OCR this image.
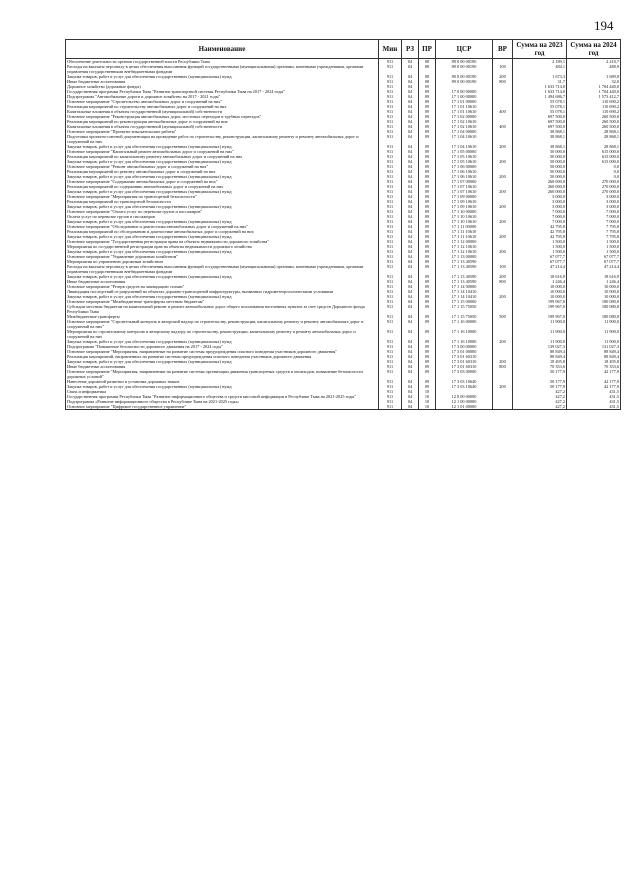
194
Наименование	Мин	РЗ	ПР	ЦСР	ВР	Сумма на 2023 год	Сумма на 2024 год
Обеспечение деятельности органов государственной власти Республики Тыва	911	04	08	89 0 00 00190		2 189,1	2 210,7
Расходы на выплаты персоналу в целях обеспечения выполнения функций государственными (муниципальными) органами, казенными учреждениями, органами управления государственными внебюджетными фондами	911	04	08	89 0 00 00190	100	484,1	488,9
Закупка товаров, работ и услуг для обеспечения государственных (муниципальных) нужд	911	04	08	89 0 00 00190	200	1 673,3	1 689,8
Иные бюджетные ассигнования	911	04	08	89 0 00 00190	800	31,7	32,0
Дорожное хозяйство (дорожные фонды)	911	04	09			1 633 714,0	1 704 440,0
Государственная программа Республики Тыва "Развитие транспортной системы Республики Тыва на 2017 - 2024 годы"	911	04	09	17 0 00 00000		1 633 714,0	1 704 440,0
Подпрограмма "Автомобильные дороги и дорожное хозяйство на 2017 - 2021 годы"	911	04	09	17 1 00 00000		1 494 686,7	1 573 412,7
Основное мероприятие "Строительство автомобильных дорог и сооружений на них"	911	04	09	17 1 01 00000		55 078,1	110 690,2
Реализация мероприятий по строительству автомобильных дорог и сооружений на них	911	04	09	17 1 01 10610		55 078,1	110 690,2
Капитальные вложения в объекты государственной (муниципальной) собственности	911	04	09	17 1 01 10610	400	55 078,1	110 690,2
Основное мероприятие "Реконструкция автомобильных дорог, мостовых переходов и трубных переездов"	911	04	09	17 1 02 00000		697 500,0	260 500,0
Реализация мероприятий по реконструкции автомобильных дорог и сооружений на них	911	04	09	17 1 02 10610		697 500,0	260 500,0
Капитальные вложения в объекты государственной (муниципальной) собственности	911	04	09	17 1 02 10610	400	697 500,0	260 500,0
Основное мероприятие "Проектно-изыскательские работы"	911	04	09	17 1 04 00000		38 868,1	28 868,1
Подготовка проектно-сметной документации на проведение работ по строительству, реконструкции, капитальному ремонту и ремонту автомобильных дорог и сооружений на них	911	04	09	17 1 04 10610		38 868,1	28 868,1
Закупка товаров, работ и услуг для обеспечения государственных (муниципальных) нужд	911	04	09	17 1 04 10610	200	38 868,1	28 868,1
Основное мероприятие "Капитальный ремонт автомобильных дорог и сооружений на них"	911	04	09	17 1 05 00000		50 000,0	615 000,0
Реализация мероприятий по капитальному ремонту автомобильных дорог и сооружений на них	911	04	09	17 1 05 10610		50 000,0	615 000,0
Закупка товаров, работ и услуг для обеспечения государственных (муниципальных) нужд	911	04	09	17 1 05 10610	200	50 000,0	615 000,0
Основное мероприятие "Ремонт автомобильных дорог и сооружений на них"	911	04	09	17 1 06 00000		50 000,0	0,0
Реализация мероприятий по ремонту автомобильных дорог и сооружений на них	911	04	09	17 1 06 10610		50 000,0	0,0
Закупка товаров, работ и услуг для обеспечения государственных (муниципальных) нужд	911	04	09	17 1 06 10610	200	50 000,0	0,0
Основное мероприятие "Содержание автомобильных дорог и сооружений на них"	911	04	09	17 1 07 00000		260 000,0	270 000,0
Реализация мероприятий по содержанию автомобильных дорог и сооружений на них	911	04	09	17 1 07 10610		260 000,0	270 000,0
Закупка товаров, работ и услуг для обеспечения государственных (муниципальных) нужд	911	04	09	17 1 07 10610	200	260 000,0	270 000,0
Основное мероприятие "Мероприятия по транспортной безопасности"	911	04	09	17 1 09 00000		3 000,0	3 000,0
Реализация мероприятий по транспортной безопасности	911	04	09	17 1 09 10610		3 000,0	3 000,0
Закупка товаров, работ и услуг для обеспечения государственных (муниципальных) нужд	911	04	09	17 1 09 10610	200	3 000,0	3 000,0
Основное мероприятие "Оплата услуг по перевозке грузов и пассажиров"	911	04	09	17 1 10 00000		7 000,0	7 000,0
Оплата услуг по перевозке грузов и пассажиров	911	04	09	17 1 10 10610		7 000,0	7 000,0
Закупка товаров, работ и услуг для обеспечения государственных (муниципальных) нужд	911	04	09	17 1 10 10610	200	7 000,0	7 000,0
Основное мероприятие "Обследование и диагностика автомобильных дорог и сооружений на них"	911	04	09	17 1 11 00000		42 795,8	7 795,8
Реализация мероприятий по обследованию и диагностике автомобильных дорог и сооружений на них	911	04	09	17 1 11 10610		42 795,8	7 795,8
Закупка товаров, работ и услуг для обеспечения государственных (муниципальных) нужд	911	04	09	17 1 11 10610	200	42 795,8	7 795,8
Основное мероприятие "Государственная регистрация права на объекты недвижимости дорожного хозяйства"	911	04	09	17 1 12 00000		1 500,0	1 500,0
Мероприятия по государственной регистрации прав на объекты недвижимости дорожного хозяйства	911	04	09	17 1 12 10610		1 500,0	1 500,0
Закупка товаров, работ и услуг для обеспечения государственных (муниципальных) нужд	911	04	09	17 1 12 10610	200	1 500,0	1 500,0
Основное мероприятие "Управление дорожным хозяйством"	911	04	09	17 1 13 00000		67 077,7	67 077,7
Мероприятия по управлению дорожным хозяйством	911	04	09	17 1 13 40590		67 077,7	67 077,7
Расходы на выплаты персоналу в целях обеспечения выполнения функций государственными (муниципальными) органами, казенными учреждениями, органами управления государственными внебюджетными фондами	911	04	09	17 1 13 40590	100	47 214,4	47 214,4
Закупка товаров, работ и услуг для обеспечения государственных (муниципальных) нужд	911	04	09	17 1 13 40590	200	18 616,9	18 616,9
Иные бюджетные ассигнования	911	04	09	17 1 13 40590	800	1 246,4	1 246,4
Основное мероприятие "Резерв средств на ликвидацию стихии"	911	04	09	17 1 14 00000		10 000,0	10 000,0
Ликвидация последствий от разрушений на объектах дорожно-транспортной инфраструктуры, вызванных гидрометеорологическими условиями	911	04	09	17 1 14 10410		10 000,0	10 000,0
Закупка товаров, работ и услуг для обеспечения государственных (муниципальных) нужд	911	04	09	17 1 14 10410	200	10 000,0	10 000,0
Основное мероприятие "Межбюджетные трансферты местным бюджетам"	911	04	09	17 1 15 00000		199 967,0	180 080,8
Субсидии местным бюджетам на капитальный ремонт и ремонт автомобильных дорог общего пользования населенных пунктов за счет средств Дорожного фонда Республики Тыва	911	04	09	17 1 15 75050		199 967,0	180 080,8
Межбюджетные трансферты	911	04	09	17 1 15 75050	500	199 967,0	180 080,8
Основное мероприятие "Строительный контроль и авторский надзор по строительству, реконструкции, капитальному ремонту и ремонту автомобильных дорог и сооружений на них"	911	04	09	17 1 16 00000		11 900,0	11 900,0
Мероприятия по строительному контролю и авторскому надзору по строительству, реконструкции, капитальному ремонту и ремонту автомобильных дорог и сооружений на них	911	04	09	17 1 16 10000		11 900,0	11 900,0
Закупка товаров, работ и услуг для обеспечения государственных (муниципальных) нужд	911	04	09	17 1 16 10000	200	11 900,0	11 900,0
Подпрограмма "Повышение безопасности дорожного движения на 2017 - 2024 годы"	911	04	09	17 3 00 00000		139 027,3	131 027,3
Основное мероприятие "Мероприятия, направленные на развитие системы предупреждения опасного поведения участников дорожного движения"	911	04	09	17 3 01 00000		88 849,4	88 849,4
Реализация мероприятий, направленных на развитие системы предупреждения опасного поведения участников дорожного движения	911	04	09	17 3 01 60310		88 849,4	88 849,4
Закупка товаров, работ и услуг для обеспечения государственных (муниципальных) нужд	911	04	09	17 3 01 60310	200	18 495,8	18 495,8
Иные бюджетные ассигнования	911	04	09	17 3 01 60310	800	70 353,6	70 353,6
Основное мероприятие "Мероприятия, направленные на развитие системы организации движения транспортных средств и пешеходов, повышение безопасности дорожных условий"	911	04	09	17 3 03 00000		50 177,9	42 177,9
Нанесение дорожной разметки и установка дорожных знаков	911	04	09	17 3 03 10640		50 177,9	42 177,9
Закупка товаров, работ и услуг для обеспечения государственных (муниципальных) нужд	911	04	09	17 3 03 10640	200	50 177,9	42 177,9
Связь и информатика	911	04	10			427,2	431,5
Государственная программа Республики Тыва "Развитие информационного общества и средств массовой информации в Республике Тыва на 2021-2025 годы"	911	04	10	12 0 00 00000		427,2	431,5
Подпрограмма «Развитие информационного общества в Республике Тыва на 2021-2025 годы»	911	04	10	12 1 00 00000		427,2	431,5
Основное мероприятие "Цифровое государственное управление"	911	04	10	12 1 01 00000		427,2	431,5
